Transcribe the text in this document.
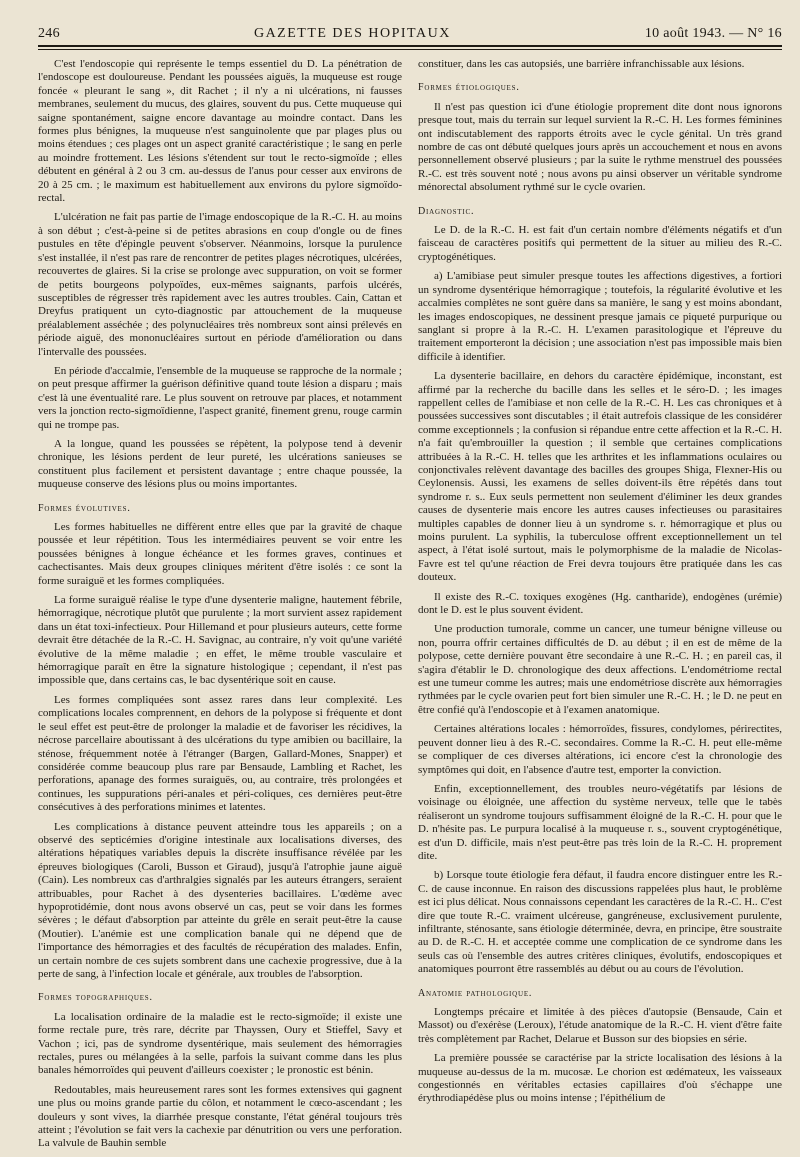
246	GAZETTE DES HOPITAUX	10 août 1943. — N° 16

C'est l'endoscopie qui représente le temps essentiel du D. La pénétration de l'endoscope est douloureuse. Pendant les poussées aiguës, la muqueuse est rouge foncée « pleurant le sang », dit Rachet ; il n'y a ni ulcérations, ni fausses membranes, seulement du mucus, des glaires, souvent du pus. Cette muqueuse qui saigne spontanément, saigne encore davantage au moindre contact. Dans les formes plus bénignes, la muqueuse n'est sanguinolente que par plages plus ou moins étendues ; ces plages ont un aspect granité caractéristique ; le sang en perle au moindre frottement. Les lésions s'étendent sur tout le recto-sigmoïde ; elles débutent en général à 2 ou 3 cm. au-dessus de l'anus pour cesser aux environs de 20 à 25 cm. ; le maximum est habituellement aux environs du pylore sigmoïdo-rectal.

L'ulcération ne fait pas partie de l'image endoscopique de la R.-C. H. au moins à son début ; c'est-à-peine si de petites abrasions en coup d'ongle ou de fines pustules en tête d'épingle peuvent s'observer. Néanmoins, lorsque la purulence s'est installée, il n'est pas rare de rencontrer de petites plages nécrotiques, ulcérées, recouvertes de glaires. Si la crise se prolonge avec suppuration, on voit se former de petits bourgeons polypoïdes, eux-mêmes saignants, parfois ulcérés, susceptibles de régresser très rapidement avec les autres troubles. Cain, Cattan et Dreyfus pratiquent un cyto-diagnostic par attouchement de la muqueuse préalablement asséchée ; des polynucléaires très nombreux sont ainsi prélevés en période aiguë, des mononucléaires surtout en période d'amélioration ou dans l'intervalle des poussées.

En période d'accalmie, l'ensemble de la muqueuse se rapproche de la normale ; on peut presque affirmer la guérison définitive quand toute lésion a disparu ; mais c'est là une éventualité rare. Le plus souvent on retrouve par places, et notamment vers la jonction recto-sigmoïdienne, l'aspect granité, finement grenu, rouge carmin qui ne trompe pas.

A la longue, quand les poussées se répètent, la polypose tend à devenir chronique, les lésions perdent de leur pureté, les ulcérations sanieuses se constituent plus facilement et persistent davantage ; entre chaque poussée, la muqueuse conserve des lésions plus ou moins importantes.

Formes évolutives.

Les formes habituelles ne diffèrent entre elles que par la gravité de chaque poussée et leur répétition. Tous les intermédiaires peuvent se voir entre les poussées bénignes à longue échéance et les formes graves, continues et cachectisantes. Mais deux groupes cliniques méritent d'être isolés : ce sont la forme suraiguë et les formes compliquées.

La forme suraiguë réalise le type d'une dysenterie maligne, hautement fébrile, hémorragique, nécrotique plutôt que purulente ; la mort survient assez rapidement dans un état toxi-infectieux. Pour Hillemand et pour plusieurs auteurs, cette forme devrait être détachée de la R.-C. H. Savignac, au contraire, n'y voit qu'une variété évolutive de la même maladie ; en effet, le même trouble vasculaire et hémorragique paraît en être la signature histologique ; cependant, il n'est pas impossible que, dans certains cas, le bac dysentérique soit en cause.

Les formes compliquées sont assez rares dans leur complexité. Les complications locales comprennent, en dehors de la polypose si fréquente et dont le seul effet est peut-être de prolonger la maladie et de favoriser les récidives, la nécrose parcellaire aboutissant à des ulcérations du type amibien ou bacillaire, la sténose, fréquemment notée à l'étranger (Bargen, Gallard-Mones, Snapper) et considérée comme beaucoup plus rare par Bensaude, Lambling et Rachet, les perforations, apanage des formes suraiguës, ou, au contraire, très prolongées et continues, les suppurations péri-anales et péri-coliques, ces dernières peut-être consécutives à des perforations minimes et latentes.

Les complications à distance peuvent atteindre tous les appareils ; on a observé des septicémies d'origine intestinale aux localisations diverses, des altérations hépatiques variables depuis la discrète insuffisance révélée par les épreuves biologiques (Caroli, Busson et Giraud), jusqu'à l'atrophie jaune aiguë (Cain). Les nombreux cas d'arthralgies signalés par les auteurs étrangers, seraient attribuables, pour Rachet à des dysenteries bacillaires. L'œdème avec hypoprotidémie, dont nous avons observé un cas, peut se voir dans les formes sévères ; le défaut d'absorption par atteinte du grêle en serait peut-être la cause (Moutier). L'anémie est une complication banale qui ne dépend que de l'importance des hémorragies et des facultés de récupération des malades. Enfin, un certain nombre de ces sujets sombrent dans une cachexie progressive, due à la perte de sang, à l'infection locale et générale, aux troubles de l'absorption.

Formes topographiques.

La localisation ordinaire de la maladie est le recto-sigmoïde; il existe une forme rectale pure, très rare, décrite par Thayssen, Oury et Stieffel, Savy et Vachon ; ici, pas de syndrome dysentérique, mais seulement des hémorragies rectales, pures ou mélangées à la selle, parfois la suivant comme dans les plus banales hémorroïdes qui peuvent d'ailleurs coexister ; le pronostic est bénin.

Redoutables, mais heureusement rares sont les formes extensives qui gagnent une plus ou moins grande partie du côlon, et notamment le cœco-ascendant ; les douleurs y sont vives, la diarrhée presque constante, l'état général toujours très atteint ; l'évolution se fait vers la cachexie par dénutrition ou vers une perforation. La valvule de Bauhin semble

constituer, dans les cas autopsiés, une barrière infranchissable aux lésions.

Formes étiologiques.

Il n'est pas question ici d'une étiologie proprement dite dont nous ignorons presque tout, mais du terrain sur lequel survient la R.-C. H. Les formes féminines ont indiscutablement des rapports étroits avec le cycle génital. Un très grand nombre de cas ont débuté quelques jours après un accouchement et nous en avons personnellement observé plusieurs ; par la suite le rythme menstruel des poussées R.-C. est très souvent noté ; nous avons pu ainsi observer un véritable syndrome ménorectal absolument rythmé sur le cycle ovarien.

Diagnostic.

Le D. de la R.-C. H. est fait d'un certain nombre d'éléments négatifs et d'un faisceau de caractères positifs qui permettent de la situer au milieu des R.-C. cryptogénétiques.

a) L'amibiase peut simuler presque toutes les affections digestives, a fortiori un syndrome dysentérique hémorragique ; toutefois, la régularité évolutive et les accalmies complètes ne sont guère dans sa manière, le sang y est moins abondant, les images endoscopiques, ne dessinent presque jamais ce piqueté purpurique ou sanglant si propre à la R.-C. H. L'examen parasitologique et l'épreuve du traitement emporteront la décision ; une association n'est pas impossible mais bien difficile à identifier.

La dysenterie bacillaire, en dehors du caractère épidémique, inconstant, est affirmé par la recherche du bacille dans les selles et le séro-D. ; les images rappellent celles de l'amibiase et non celle de la R.-C. H. Les cas chroniques et à poussées successives sont discutables ; il était autrefois classique de les considérer comme exceptionnels ; la confusion si répandue entre cette affection et la R.-C. H. n'a fait qu'embrouiller la question ; il semble que certaines complications attribuées à la R.-C. H. telles que les arthrites et les inflammations oculaires ou conjonctivales relèvent davantage des bacilles des groupes Shiga, Flexner-His ou Ceylonensis. Aussi, les examens de selles doivent-ils être répétés dans tout syndrome r. s.. Eux seuls permettent non seulement d'éliminer les deux grandes causes de dysenterie mais encore les autres causes infectieuses ou parasitaires multiples capables de donner lieu à un syndrome s. r. hémorragique et plus ou moins purulent. La syphilis, la tuberculose offrent exceptionnellement un tel aspect, à l'état isolé surtout, mais le polymorphisme de la maladie de Nicolas-Favre est tel qu'une réaction de Frei devra toujours être pratiquée dans les cas douteux.

Il existe des R.-C. toxiques exogènes (Hg. cantharide), endogènes (urémie) dont le D. est le plus souvent évident.

Une production tumorale, comme un cancer, une tumeur bénigne villeuse ou non, pourra offrir certaines difficultés de D. au début ; il en est de même de la polypose, cette dernière pouvant être secondaire à une R.-C. H. ; en pareil cas, il s'agira d'établir le D. chronologique des deux affections. L'endométriome rectal est une tumeur comme les autres; mais une endométriose discrète aux hémorragies rythmées par le cycle ovarien peut fort bien simuler une R.-C. H. ; le D. ne peut en être confié qu'à l'endoscopie et à l'examen anatomique.

Certaines altérations locales : hémorroïdes, fissures, condylomes, périrectites, peuvent donner lieu à des R.-C. secondaires. Comme la R.-C. H. peut elle-même se compliquer de ces diverses altérations, ici encore c'est la chronologie des symptômes qui doit, en l'absence d'autre test, emporter la conviction.

Enfin, exceptionnellement, des troubles neuro-végétatifs par lésions de voisinage ou éloignée, une affection du système nerveux, telle que le tabès réaliseront un syndrome toujours suffisamment éloigné de la R.-C. H. pour que le D. n'hésite pas. Le purpura localisé à la muqueuse r. s., souvent cryptogénétique, est d'un D. difficile, mais n'est peut-être pas très loin de la R.-C. H. proprement dite.

b) Lorsque toute étiologie fera défaut, il faudra encore distinguer entre les R.-C. de cause inconnue. En raison des discussions rappelées plus haut, le problème est ici plus délicat. Nous connaissons cependant les caractères de la R.-C. H.. C'est dire que toute R.-C. vraiment ulcéreuse, gangréneuse, exclusivement purulente, infiltrante, sténosante, sans étiologie déterminée, devra, en principe, être soustraite au D. de R.-C. H. et acceptée comme une complication de ce syndrome dans les seuls cas où l'ensemble des autres critères cliniques, évolutifs, endoscopiques et anatomiques pourront être rassemblés au début ou au cours de l'évolution.

Anatomie pathologique.

Longtemps précaire et limitée à des pièces d'autopsie (Bensaude, Cain et Massot) ou d'exérèse (Leroux), l'étude anatomique de la R.-C. H. vient d'être faite très complètement par Rachet, Delarue et Busson sur des biopsies en série.

La première poussée se caractérise par la stricte localisation des lésions à la muqueuse au-dessus de la m. mucosæ. Le chorion est œdémateux, les vaisseaux congestionnés en véritables ectasies capillaires d'où s'échappe une érythrodiapédèse plus ou moins intense ; l'épithélium de
